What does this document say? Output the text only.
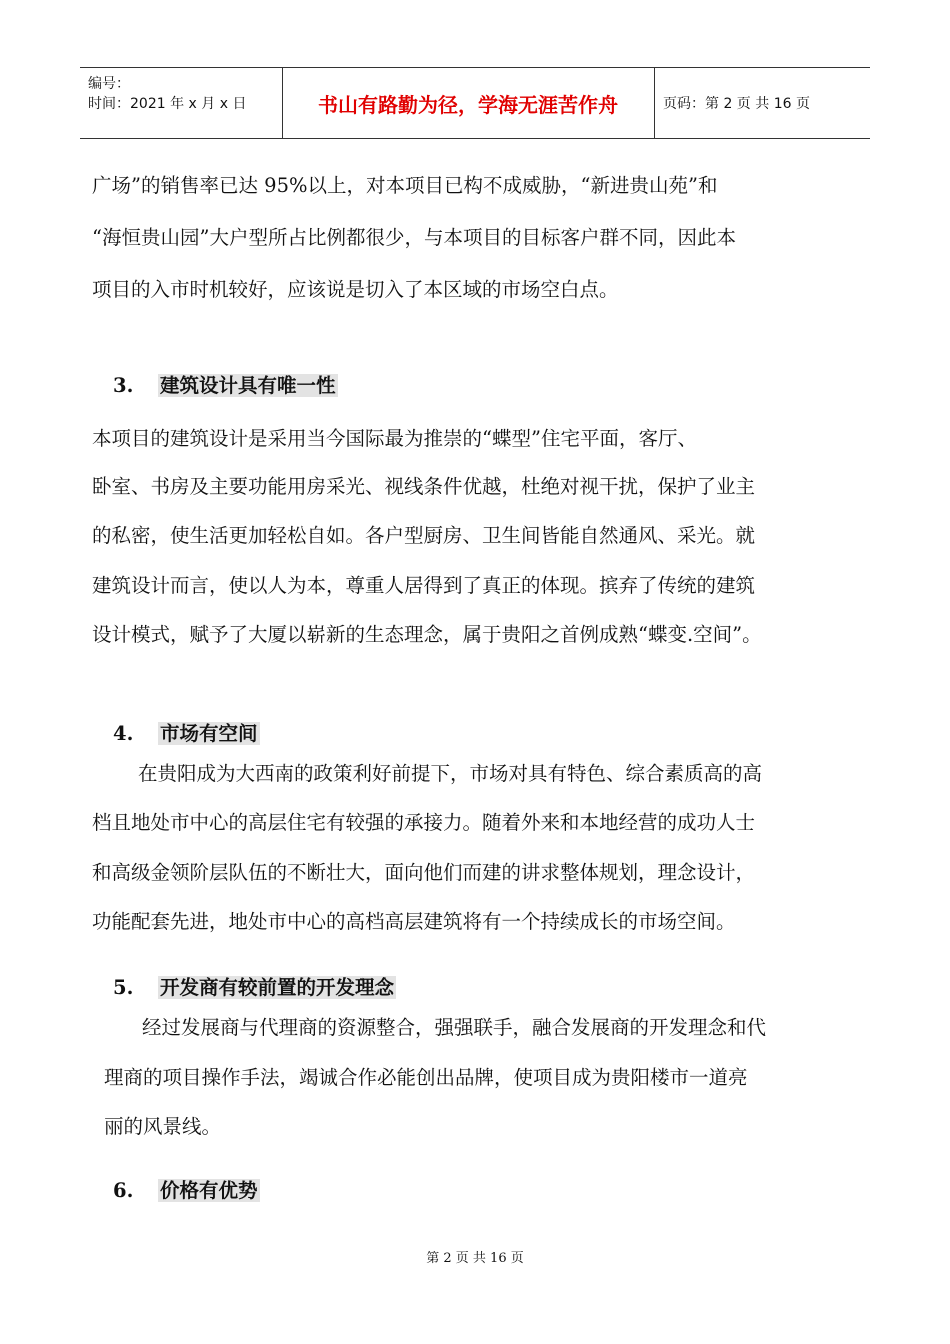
编号：
时间：2021 年 x 月 x 日	书山有路勤为径，学海无涯苦作舟	页码：第 2 页 共 16 页
广场”的销售率已达 95%以上，对本项目已构不成威胁，“新进贵山苑”和
“海恒贵山园”大户型所占比例都很少，与本项目的目标客户群不同，因此本
项目的入市时机较好，应该说是切入了本区域的市场空白点。
3. 建筑设计具有唯一性
本项目的建筑设计是采用当今国际最为推崇的“蝶型”住宅平面，客厅、
卧室、书房及主要功能用房采光、视线条件优越，杜绝对视干扰，保护了业主
的私密，使生活更加轻松自如。各户型厨房、卫生间皆能自然通风、采光。就
建筑设计而言，使以人为本，尊重人居得到了真正的体现。摈弃了传统的建筑
设计模式，赋予了大厦以崭新的生态理念，属于贵阳之首例成熟“蝶变.空间”。
4. 市场有空间
在贵阳成为大西南的政策利好前提下，市场对具有特色、综合素质高的高
档且地处市中心的高层住宅有较强的承接力。随着外来和本地经营的成功人士
和高级金领阶层队伍的不断壮大，面向他们而建的讲求整体规划，理念设计，
功能配套先进，地处市中心的高档高层建筑将有一个持续成长的市场空间。
5. 开发商有较前置的开发理念
经过发展商与代理商的资源整合，强强联手，融合发展商的开发理念和代
理商的项目操作手法，竭诚合作必能创出品牌，使项目成为贵阳楼市一道亮
丽的风景线。
6. 价格有优势
第 2 页 共 16 页
